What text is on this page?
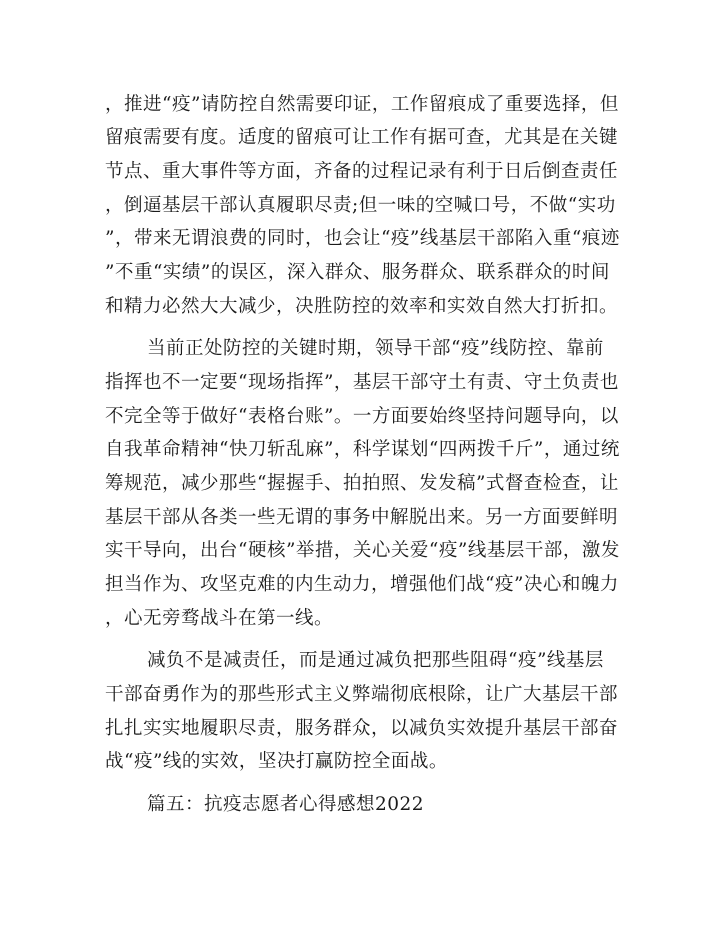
，推进“疫”请防控自然需要印证，工作留痕成了重要选择，但
留痕需要有度。适度的留痕可让工作有据可查，尤其是在关键
节点、重大事件等方面，齐备的过程记录有利于日后倒查责任
，倒逼基层干部认真履职尽责;但一味的空喊口号，不做“实功
”，带来无谓浪费的同时，也会让“疫”线基层干部陷入重“痕迹
”不重“实绩”的误区，深入群众、服务群众、联系群众的时间
和精力必然大大减少，决胜防控的效率和实效自然大打折扣。
当前正处防控的关键时期，领导干部“疫”线防控、靠前
指挥也不一定要“现场指挥”，基层干部守土有责、守土负责也
不完全等于做好“表格台账”。一方面要始终坚持问题导向，以
自我革命精神“快刀斩乱麻”，科学谋划“四两拨千斤”，通过统
筹规范，减少那些“握握手、拍拍照、发发稿”式督查检查，让
基层干部从各类一些无谓的事务中解脱出来。另一方面要鲜明
实干导向，出台“硬核”举措，关心关爱“疫”线基层干部，激发
担当作为、攻坚克难的内生动力，增强他们战“疫”决心和魄力
，心无旁骛战斗在第一线。
减负不是减责任，而是通过减负把那些阻碍“疫”线基层
干部奋勇作为的那些形式主义弊端彻底根除，让广大基层干部
扎扎实实地履职尽责，服务群众，以减负实效提升基层干部奋
战“疫”线的实效，坚决打赢防控全面战。
篇五：抗疫志愿者心得感想2022
